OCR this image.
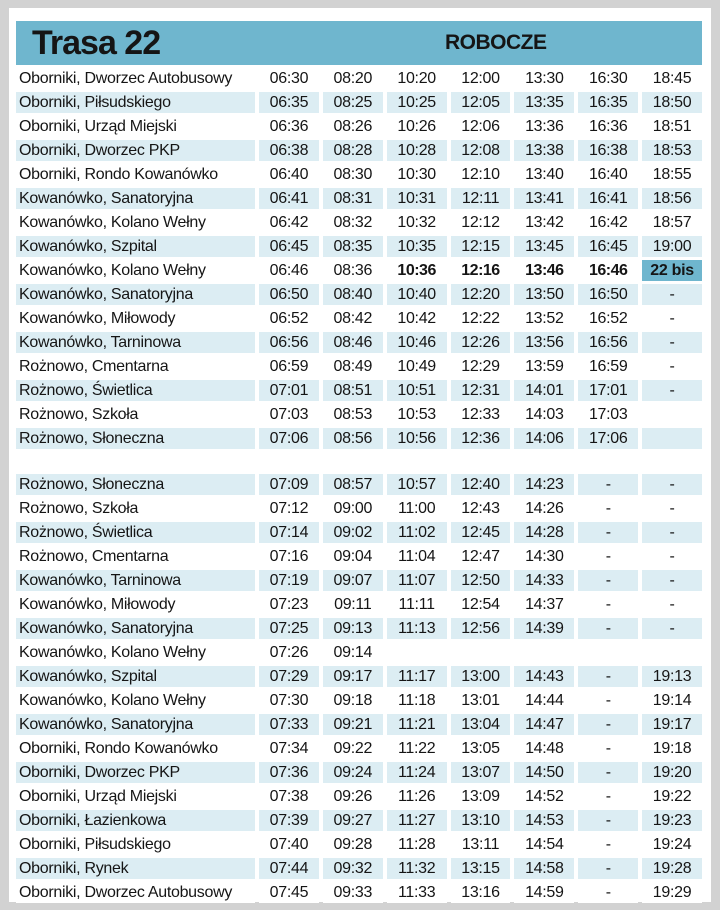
Trasa 22	ROBOCZE
Oborniki, Dworzec Autobusowy	06:30	08:20	10:20	12:00	13:30	16:30	18:45
Oborniki, Piłsudskiego	06:35	08:25	10:25	12:05	13:35	16:35	18:50
Oborniki, Urząd Miejski	06:36	08:26	10:26	12:06	13:36	16:36	18:51
Oborniki, Dworzec PKP	06:38	08:28	10:28	12:08	13:38	16:38	18:53
Oborniki, Rondo Kowanówko	06:40	08:30	10:30	12:10	13:40	16:40	18:55
Kowanówko, Sanatoryjna	06:41	08:31	10:31	12:11	13:41	16:41	18:56
Kowanówko, Kolano Wełny	06:42	08:32	10:32	12:12	13:42	16:42	18:57
Kowanówko, Szpital	06:45	08:35	10:35	12:15	13:45	16:45	19:00
Kowanówko, Kolano Wełny	06:46	08:36	10:36	12:16	13:46	16:46	22 bis
Kowanówko, Sanatoryjna	06:50	08:40	10:40	12:20	13:50	16:50	-
Kowanówko, Miłowody	06:52	08:42	10:42	12:22	13:52	16:52	-
Kowanówko, Tarninowa	06:56	08:46	10:46	12:26	13:56	16:56	-
Rożnowo, Cmentarna	06:59	08:49	10:49	12:29	13:59	16:59	-
Rożnowo, Świetlica	07:01	08:51	10:51	12:31	14:01	17:01	-
Rożnowo, Szkoła	07:03	08:53	10:53	12:33	14:03	17:03
Rożnowo, Słoneczna	07:06	08:56	10:56	12:36	14:06	17:06
Rożnowo, Słoneczna	07:09	08:57	10:57	12:40	14:23	-	-
Rożnowo, Szkoła	07:12	09:00	11:00	12:43	14:26	-	-
Rożnowo, Świetlica	07:14	09:02	11:02	12:45	14:28	-	-
Rożnowo, Cmentarna	07:16	09:04	11:04	12:47	14:30	-	-
Kowanówko, Tarninowa	07:19	09:07	11:07	12:50	14:33	-	-
Kowanówko, Miłowody	07:23	09:11	11:11	12:54	14:37	-	-
Kowanówko, Sanatoryjna	07:25	09:13	11:13	12:56	14:39	-	-
Kowanówko, Kolano Wełny	07:26	09:14
Kowanówko, Szpital	07:29	09:17	11:17	13:00	14:43	-	19:13
Kowanówko, Kolano Wełny	07:30	09:18	11:18	13:01	14:44	-	19:14
Kowanówko, Sanatoryjna	07:33	09:21	11:21	13:04	14:47	-	19:17
Oborniki, Rondo Kowanówko	07:34	09:22	11:22	13:05	14:48	-	19:18
Oborniki, Dworzec PKP	07:36	09:24	11:24	13:07	14:50	-	19:20
Oborniki, Urząd Miejski	07:38	09:26	11:26	13:09	14:52	-	19:22
Oborniki, Łazienkowa	07:39	09:27	11:27	13:10	14:53	-	19:23
Oborniki, Piłsudskiego	07:40	09:28	11:28	13:11	14:54	-	19:24
Oborniki, Rynek	07:44	09:32	11:32	13:15	14:58	-	19:28
Oborniki, Dworzec Autobusowy	07:45	09:33	11:33	13:16	14:59	-	19:29
